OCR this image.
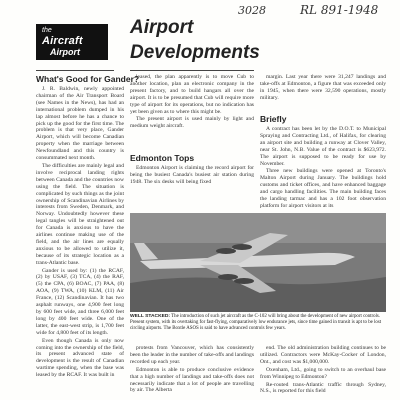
3028	RL 891-1948
the
Aircraft
Airport
Airport
Developments
What's Good for Gander?

J. R. Baldwin, newly appointed chairman of the Air Transport Board (see Names in the News), has had an international problem dumped in his lap almost before he has a chance to pick up the good for the first time. The problem is that very place, Gander Airport, which will become Canadian property when the marriage between Newfoundland and this country is consummated next month.

The difficulties are mainly legal and involve reciprocal landing rights between Canada and the countries now using the field. The situation is complicated by such things as the joint ownership of Scandinavian Airlines by interests from Sweden, Denmark, and Norway. Undoubtedly however these legal tangles will be straightened out for Canada is anxious to have the airlines continue making use of the field, and the air lines are equally anxious to be allowed to utilize it, because of its strategic location as a trans-Atlantic base.

Gander is used by: (1) the RCAF, (2) by USAF, (3) TCA, (4) the RAF, (5) the CPA, (6) BOAC, (7) PAA, (8) AOA, (9) TWA, (10) KLM, (11) Air France, (12) Scandinavian. It has two asphalt runways, one 4,900 feet long by 600 feet wide, and three 6,000 feet long by 400 feet wide. One of the latter, the east-west strip, is 1,700 feet wide for 4,800 feet of its length.

Even though Canada is only now coming into the ownership of the field, its present advanced state of development is the result of Canadian wartime spending, when the base was leased by the RCAF. It was built in

leased, the plan apparently is to move Cub to another location, plan an electronic company in the present factory, and to build hangars all over the airport. It is to be presumed that Cub will require more type of airport for its operations, but no indication has yet been given as to where this might be.

The present airport is used mainly by light and medium weight aircraft.

Edmonton Tops

Edmonton Airport is claiming the record airport for being the busiest Canada's busiest air station during 1948. The six desks will being fixed

margin. Last year there were 31,247 landings and take-offs at Edmonton, a figure that was exceeded only in 1945, when there were 32,590 operations, mostly military.

Briefly

A contract has been let by the D.O.T. to Municipal Spraying and Contracting Ltd., of Halifax, for clearing an airport site and building a runway at Clover Valley, near St. John, N.B. Value of the contract is $623,972. The airport is supposed to be ready for use by November.

Three new buildings were opened at Toronto's Malton Airport during January. The buildings hold customs and ticket offices, and have enhanced baggage and cargo handling facilities. The main building faces the landing tarmac and has a 102 foot observation platform for airport visitors at its

WELL STACKED: The introduction of such jet aircraft as the C-102 will bring about the development of new airport controls. Present system, with its overtaking for fast-flying, comparatively low endurance jets, since time gained in transit is apt to be lost circling airports. The Boxtle ASOS is said to have advanced controls few years.

protests from Vancouver, which has consistently been the leader in the number of take-offs and landings recorded up each year.

Edmonton is able to produce conclusive evidence that a high number of landings and take-offs does not necessarily indicate that a lot of people are travelling by air. The Alberta

end. The old administration building continues to be utilized. Contractors were McKay-Cocker of London, Ont., and cost was $1,000,000.

Oxenham, Ltd., going to switch to an overhaul base from Winnipeg to Edmonton?

Re-routed trans-Atlantic traffic through Sydney, N.S., is reported for this field
